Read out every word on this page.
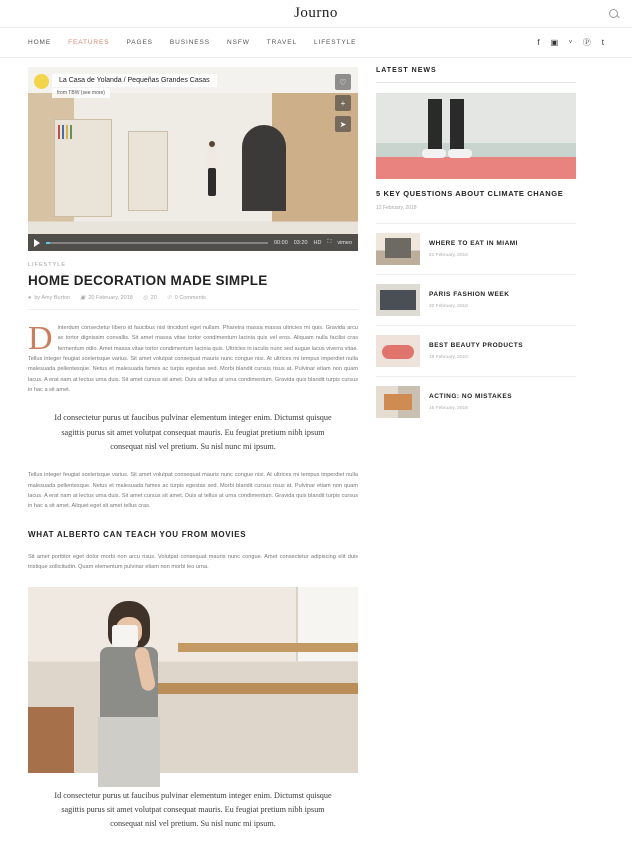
Journo
HOME	FEATURES	PAGES	BUSINESS	NSFW	TRAVEL	LIFESTYLE	f ▣ ᵛ Ⓟ t
La Casa de Yolanda / Pequeñas Grandes Casas
from TBW (see more)
♡
+
➤
00:00 03:20 HD ⛶ vimeo
LIFESTYLE
HOME DECORATION MADE SIMPLE
● by Amy Burton ▣ 20 February, 2018 ◎ 20 ☉ 0 Comments

Dinterdum consectetur libero id faucibus nisl tincidunt eget nullam. Pharetra massa massa ultricies mi quis. Gravida arcu ac tortor dignissim convallis. Sit amet massa vitae tortor condimentum lacinia quis vel eros. Aliquam nulla facilisi cras fermentum odio. Amet massa vitae tortor condimentum lacinia quis. Ultricies in iaculis nunc sed augue lacus viverra vitae. Tellus integer feugiat scelerisque varius. Sit amet volutpat consequat mauris nunc congue nisi. At ultrices mi tempus imperdiet nulla malesuada pellentesque. Netus et malesuada fames ac turpis egestas sed. Morbi blandit cursus risus at. Pulvinar etiam non quam lacus. A erat nam at lectus urna duis. Sit amet cursus sit amet. Duis at tellus at urna condimentum. Gravida quis blandit turpis cursus in hac a sit amet.

Id consectetur purus ut faucibus pulvinar elementum integer enim. Dictumst quisque sagittis purus sit amet volutpat consequat mauris. Eu feugiat pretium nibh ipsum consequat nisl vel pretium. Su nisl nunc mi ipsum.

Tellus integer feugiat scelerisque varius. Sit amet volutpat consequat mauris nunc congue nisi. At ultrices mi tempus imperdiet nulla malesuada pellentesque. Netus et malesuada fames ac turpis egestas sed. Morbi blandit cursus risus at. Pulvinar etiam non quam lacus. A erat nam at lectus urna duis. Sit amet cursus sit amet. Duis at tellus at urna condimentum. Gravida quis blandit turpis cursus in hac a sit amet. Aliquet eget sit amet tellus cras.

WHAT ALBERTO CAN TEACH YOU FROM MOVIES

Sit amet porttitor eget dolor morbi non arcu risus. Volutpat consequat mauris nunc congue. Amet consectetur adipiscing elit duis tristique sollicitudin. Quam elementum pulvinar etiam non morbi leo urna.

Id consectetur purus ut faucibus pulvinar elementum integer enim. Dictumst quisque sagittis purus sit amet volutpat consequat mauris. Eu feugiat pretium nibh ipsum consequat nisl vel pretium. Su nisl nunc mi ipsum.
LATEST NEWS
5 KEY QUESTIONS ABOUT CLIMATE CHANGE
12 February, 2018
WHERE TO EAT IN MIAMI
22 February, 2018
PARIS FASHION WEEK
20 February, 2018
BEST BEAUTY PRODUCTS
18 February, 2018
ACTING: NO MISTAKES
16 February, 2018
